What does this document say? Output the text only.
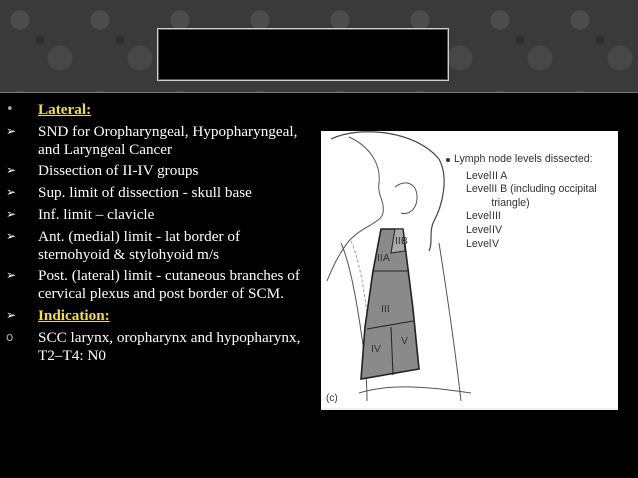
•	Lateral:
➢	SND for Oropharyngeal, Hypopharyngeal, and Laryngeal Cancer
➢	Dissection of II-IV groups
➢	Sup. limit of dissection - skull base
➢	Inf. limit – clavicle
➢	Ant. (medial) limit - lat border of sternohyoid & stylohyoid m/s
➢	Post. (lateral) limit - cutaneous branches of cervical plexus and post border of SCM.
➢	Indication:
o	SCC larynx, oropharynx and hypopharynx, T2–T4: N0
IIB
IIA
III
IV
V
Lymph node levels dissected:
Level II A
Level II B (including occipital triangle)
Level III
Level IV
Level V
(c)
